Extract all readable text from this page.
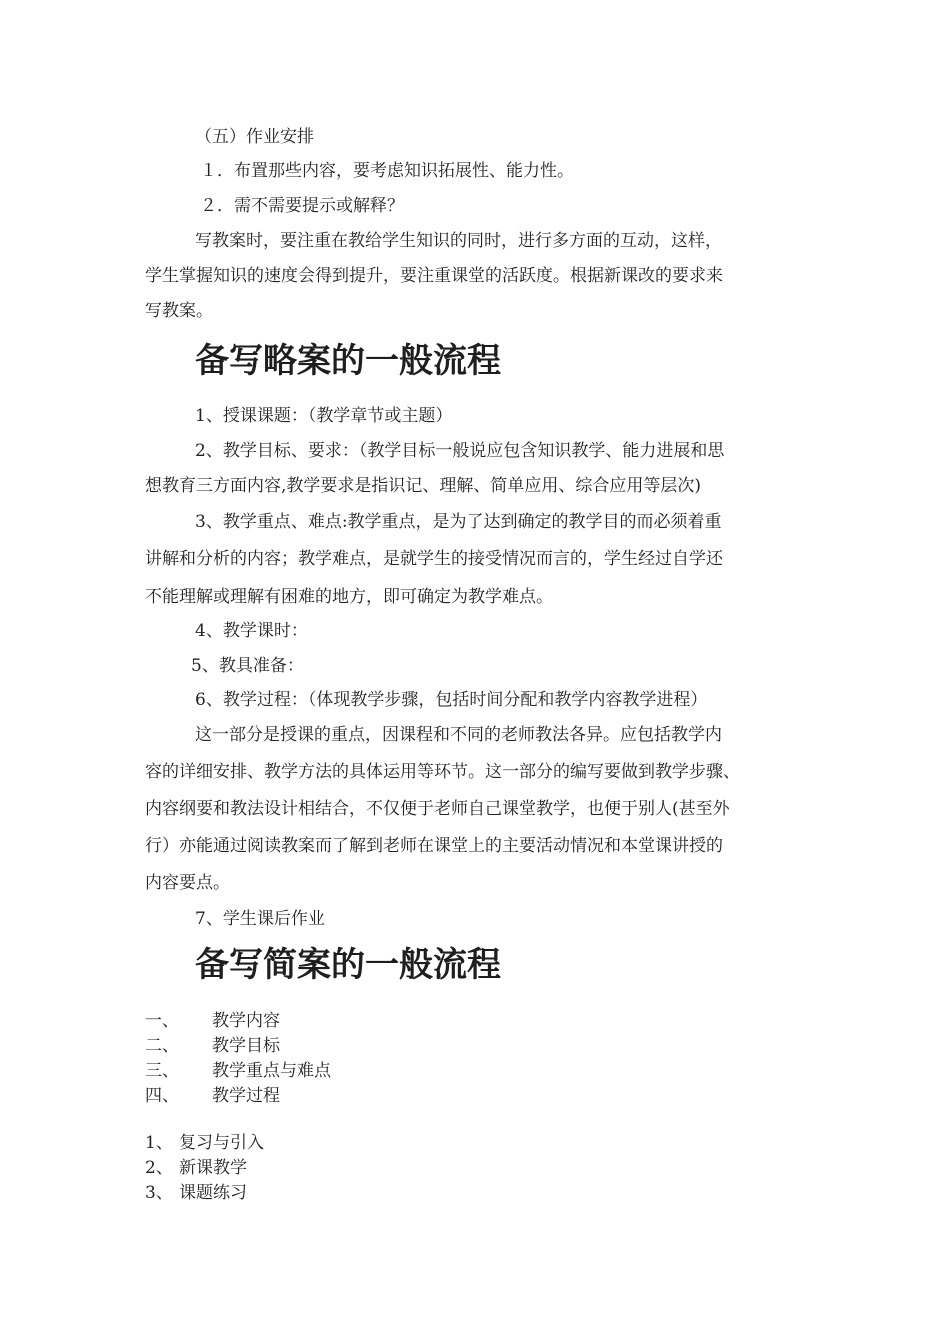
（五）作业安排
１．布置那些内容，要考虑知识拓展性、能力性。
２．需不需要提示或解释？
写教案时，要注重在教给学生知识的同时，进行多方面的互动，这样，
学生掌握知识的速度会得到提升，要注重课堂的活跃度。根据新课改的要求来
写教案。
备写略案的一般流程
1、授课课题：（教学章节或主题）
2、教学目标、要求：（教学目标一般说应包含知识教学、能力进展和思
想教育三方面内容,教学要求是指识记、理解、简单应用、综合应用等层次)
3、教学重点、难点:教学重点，是为了达到确定的教学目的而必须着重
讲解和分析的内容；教学难点，是就学生的接受情况而言的，学生经过自学还
不能理解或理解有困难的地方，即可确定为教学难点。
4、教学课时：
5、教具准备：
6、教学过程：（体现教学步骤，包括时间分配和教学内容教学进程）
这一部分是授课的重点，因课程和不同的老师教法各异。应包括教学内
容的详细安排、教学方法的具体运用等环节。这一部分的编写要做到教学步骤、
内容纲要和教法设计相结合，不仅便于老师自己课堂教学，也便于别人(甚至外
行）亦能通过阅读教案而了解到老师在课堂上的主要活动情况和本堂课讲授的
内容要点。
7、学生课后作业
备写简案的一般流程
一、 教学内容
二、 教学目标
三、 教学重点与难点
四、 教学过程
1、 复习与引入
2、 新课教学
3、 课题练习
